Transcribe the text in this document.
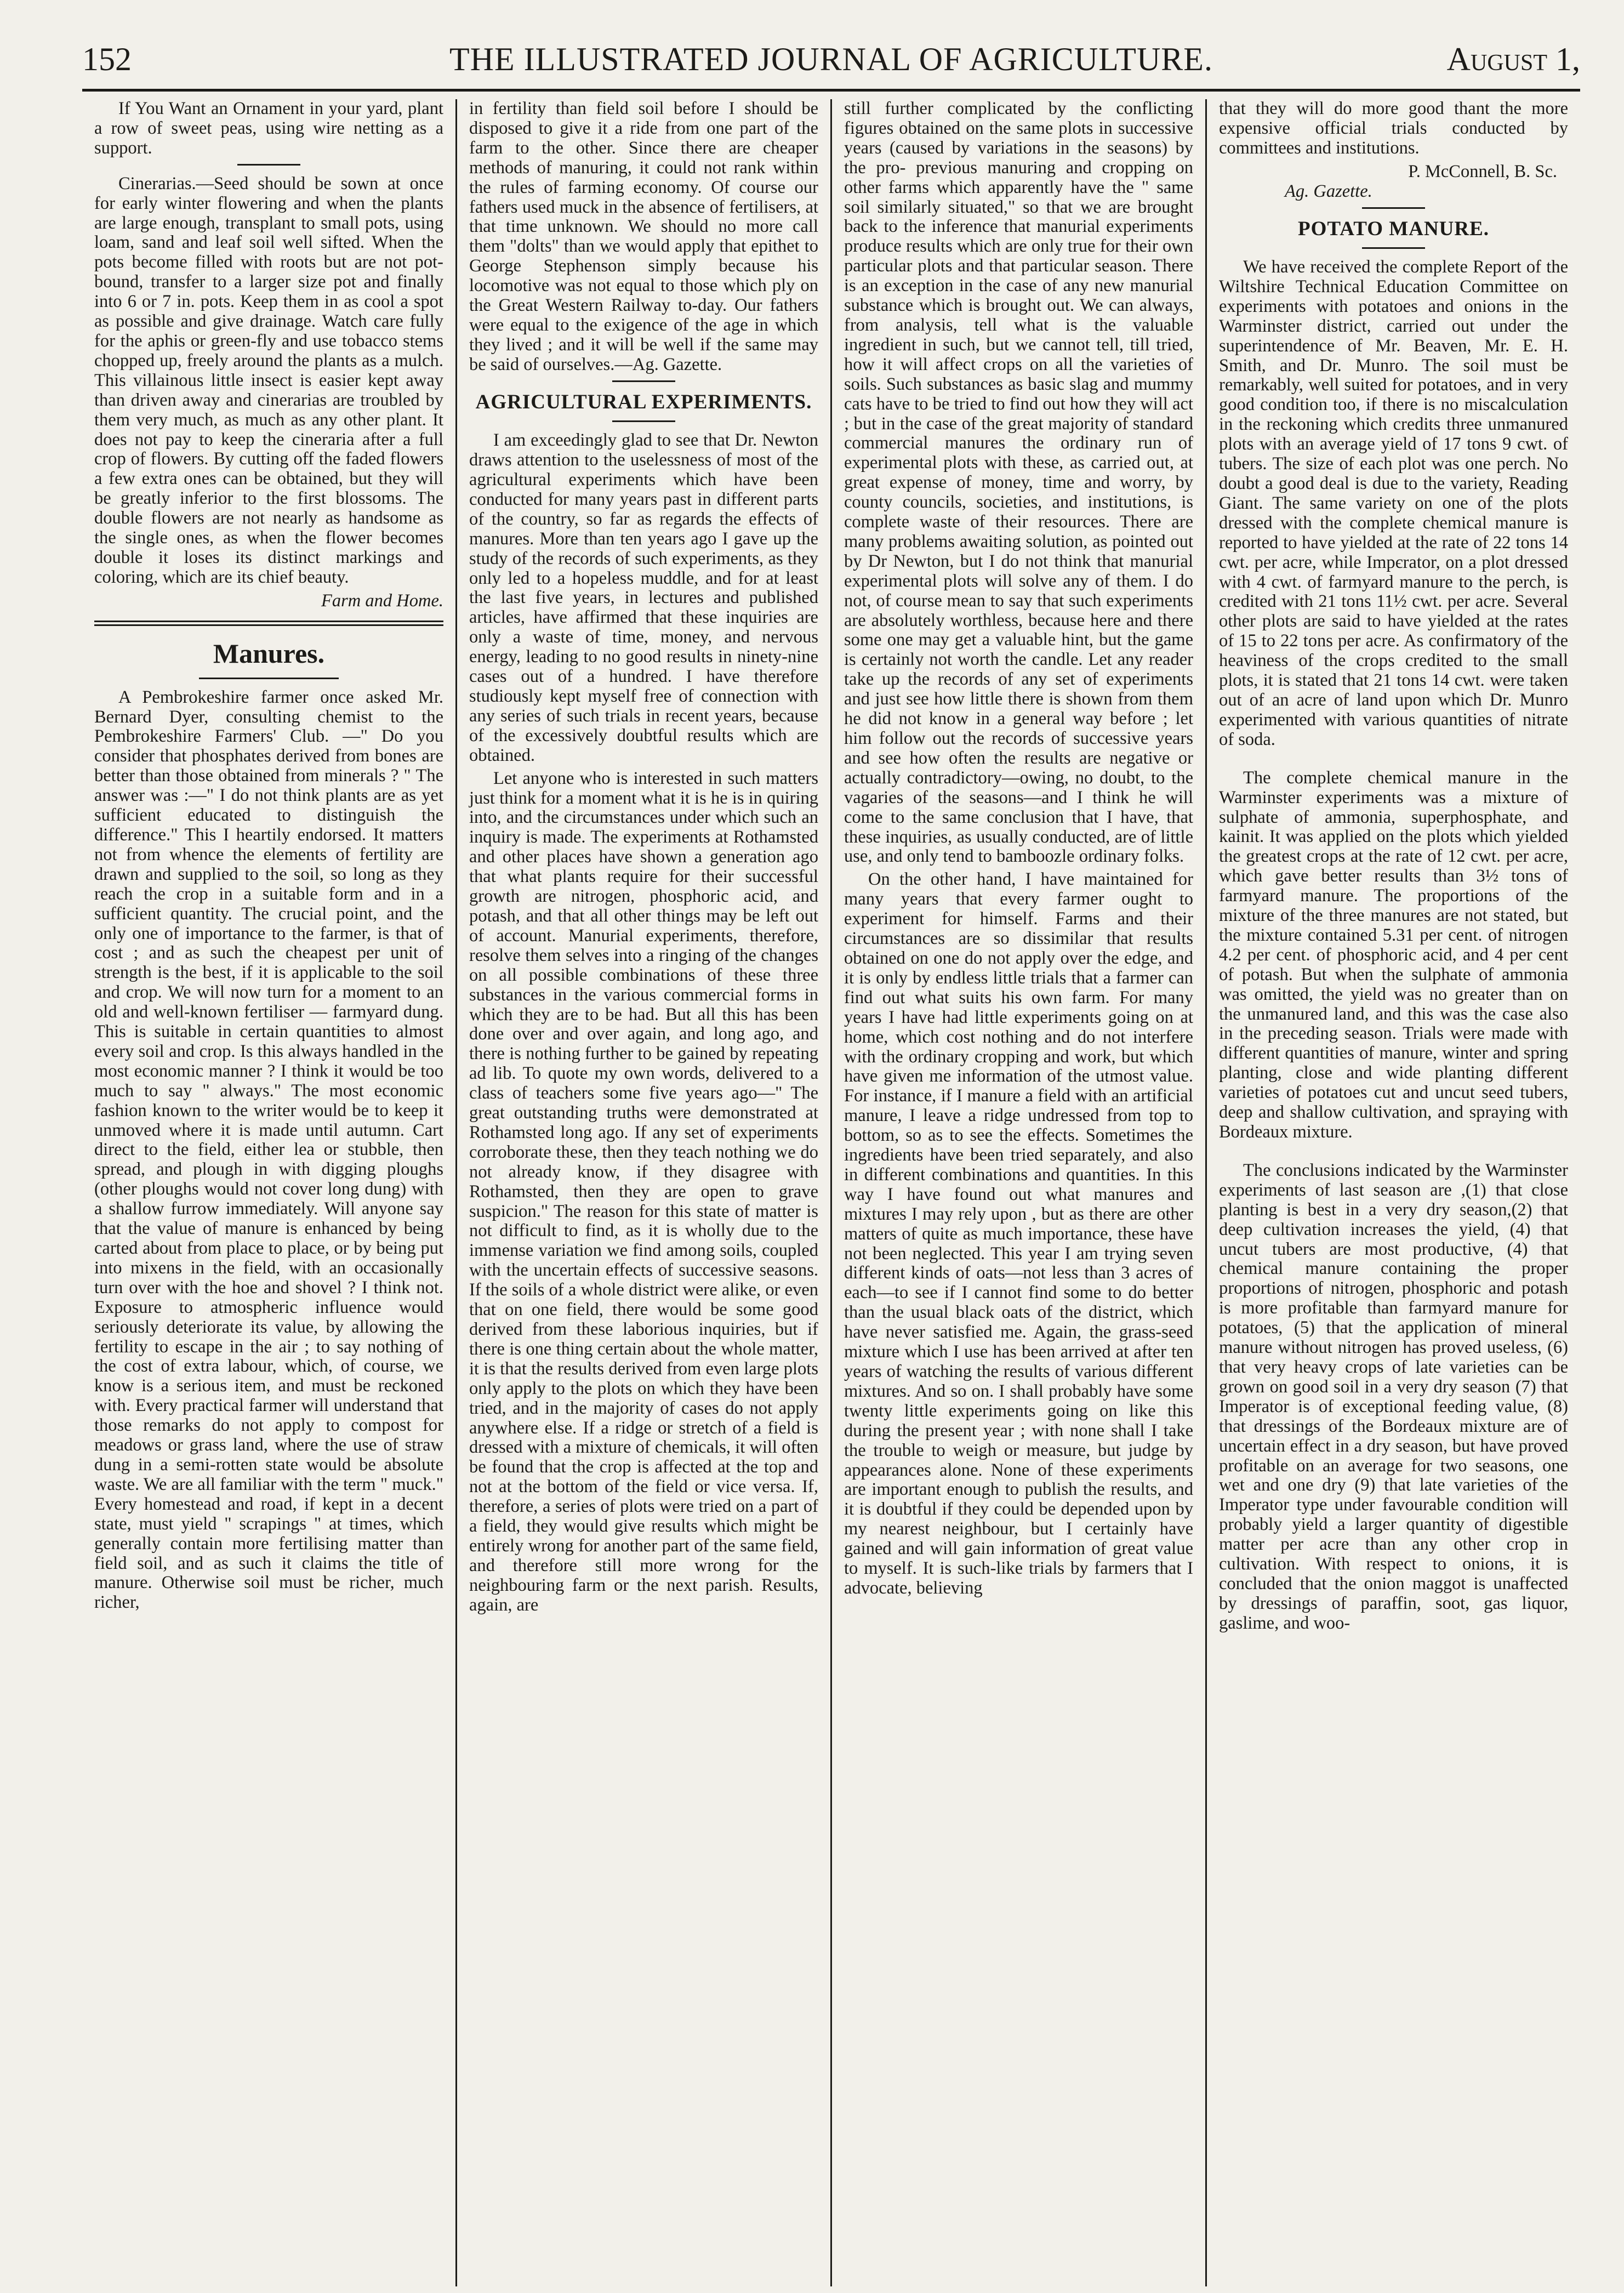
152	THE ILLUSTRATED JOURNAL OF AGRICULTURE.	August 1,

If You Want an Ornament in your yard, plant a row of sweet peas, using wire netting as a support.

Cinerarias.—Seed should be sown at once for early winter flowering and when the plants are large enough, transplant to small pots, using loam, sand and leaf soil well sifted. When the pots become filled with roots but are not pot-bound, transfer to a larger size pot and finally into 6 or 7 in. pots. Keep them in as cool a spot as possible and give drainage. Watch care fully for the aphis or green-fly and use tobacco stems chopped up, freely around the plants as a mulch. This villainous little insect is easier kept away than driven away and cinerarias are troubled by them very much, as much as any other plant. It does not pay to keep the cineraria after a full crop of flowers. By cutting off the faded flowers a few extra ones can be obtained, but they will be greatly inferior to the first blossoms. The double flowers are not nearly as handsome as the single ones, as when the flower becomes double it loses its distinct markings and coloring, which are its chief beauty.

Farm and Home.
Manures.

A Pembrokeshire farmer once asked Mr. Bernard Dyer, consulting chemist to the Pembrokeshire Farmers' Club. —" Do you consider that phosphates derived from bones are better than those obtained from minerals ? " The answer was :—" I do not think plants are as yet sufficient educated to distinguish the difference." This I heartily endorsed. It matters not from whence the elements of fertility are drawn and supplied to the soil, so long as they reach the crop in a suitable form and in a sufficient quantity. The crucial point, and the only one of importance to the farmer, is that of cost ; and as such the cheapest per unit of strength is the best, if it is applicable to the soil and crop. We will now turn for a moment to an old and well-known fertiliser — farmyard dung. This is suitable in certain quantities to almost every soil and crop. Is this always handled in the most economic manner ? I think it would be too much to say " always." The most economic fashion known to the writer would be to keep it unmoved where it is made until autumn. Cart direct to the field, either lea or stubble, then spread, and plough in with digging ploughs (other ploughs would not cover long dung) with a shallow furrow immediately. Will anyone say that the value of manure is enhanced by being carted about from place to place, or by being put into mixens in the field, with an occasionally turn over with the hoe and shovel ? I think not. Exposure to atmospheric influence would seriously deteriorate its value, by allowing the fertility to escape in the air ; to say nothing of the cost of extra labour, which, of course, we know is a serious item, and must be reckoned with. Every practical farmer will understand that those remarks do not apply to compost for meadows or grass land, where the use of straw dung in a semi-rotten state would be absolute waste. We are all familiar with the term " muck." Every homestead and road, if kept in a decent state, must yield " scrapings " at times, which generally contain more fertilising matter than field soil, and as such it claims the title of manure. Otherwise soil must be richer, much richer,

in fertility than field soil before I should be disposed to give it a ride from one part of the farm to the other. Since there are cheaper methods of manuring, it could not rank within the rules of farming economy. Of course our fathers used muck in the absence of fertilisers, at that time unknown. We should no more call them "dolts" than we would apply that epithet to George Stephenson simply because his locomotive was not equal to those which ply on the Great Western Railway to-day. Our fathers were equal to the exigence of the age in which they lived ; and it will be well if the same may be said of ourselves.—Ag. Gazette.

AGRICULTURAL EXPERIMENTS.

I am exceedingly glad to see that Dr. Newton draws attention to the uselessness of most of the agricultural experiments which have been conducted for many years past in different parts of the country, so far as regards the effects of manures. More than ten years ago I gave up the study of the records of such experiments, as they only led to a hopeless muddle, and for at least the last five years, in lectures and published articles, have affirmed that these inquiries are only a waste of time, money, and nervous energy, leading to no good results in ninety-nine cases out of a hundred. I have therefore studiously kept myself free of connection with any series of such trials in recent years, because of the excessively doubtful results which are obtained.

Let anyone who is interested in such matters just think for a moment what it is he is in quiring into, and the circumstances under which such an inquiry is made. The experiments at Rothamsted and other places have shown a generation ago that what plants require for their successful growth are nitrogen, phosphoric acid, and potash, and that all other things may be left out of account. Manurial experiments, therefore, resolve them selves into a ringing of the changes on all possible combinations of these three substances in the various commercial forms in which they are to be had. But all this has been done over and over again, and long ago, and there is nothing further to be gained by repeating ad lib. To quote my own words, delivered to a class of teachers some five years ago—" The great outstanding truths were demonstrated at Rothamsted long ago. If any set of experiments corroborate these, then they teach nothing we do not already know, if they disagree with Rothamsted, then they are open to grave suspicion." The reason for this state of matter is not difficult to find, as it is wholly due to the immense variation we find among soils, coupled with the uncertain effects of successive seasons. If the soils of a whole district were alike, or even that on one field, there would be some good derived from these laborious inquiries, but if there is one thing certain about the whole matter, it is that the results derived from even large plots only apply to the plots on which they have been tried, and in the majority of cases do not apply anywhere else. If a ridge or stretch of a field is dressed with a mixture of chemicals, it will often be found that the crop is affected at the top and not at the bottom of the field or vice versa. If, therefore, a series of plots were tried on a part of a field, they would give results which might be entirely wrong for another part of the same field, and therefore still more wrong for the neighbouring farm or the next parish. Results, again, are

still further complicated by the conflicting figures obtained on the same plots in successive years (caused by variations in the seasons) by the pro- previous manuring and cropping on other farms which apparently have the " same soil similarly situated," so that we are brought back to the inference that manurial experiments produce results which are only true for their own particular plots and that particular season. There is an exception in the case of any new manurial substance which is brought out. We can always, from analysis, tell what is the valuable ingredient in such, but we cannot tell, till tried, how it will affect crops on all the varieties of soils. Such substances as basic slag and mummy cats have to be tried to find out how they will act ; but in the case of the great majority of standard commercial manures the ordinary run of experimental plots with these, as carried out, at great expense of money, time and worry, by county councils, societies, and institutions, is complete waste of their resources. There are many problems awaiting solution, as pointed out by Dr Newton, but I do not think that manurial experimental plots will solve any of them. I do not, of course mean to say that such experiments are absolutely worthless, because here and there some one may get a valuable hint, but the game is certainly not worth the candle. Let any reader take up the records of any set of experiments and just see how little there is shown from them he did not know in a general way before ; let him follow out the records of successive years and see how often the results are negative or actually contradictory—owing, no doubt, to the vagaries of the seasons—and I think he will come to the same conclusion that I have, that these inquiries, as usually conducted, are of little use, and only tend to bamboozle ordinary folks.

On the other hand, I have maintained for many years that every farmer ought to experiment for himself. Farms and their circumstances are so dissimilar that results obtained on one do not apply over the edge, and it is only by endless little trials that a farmer can find out what suits his own farm. For many years I have had little experiments going on at home, which cost nothing and do not interfere with the ordinary cropping and work, but which have given me information of the utmost value. For instance, if I manure a field with an artificial manure, I leave a ridge undressed from top to bottom, so as to see the effects. Sometimes the ingredients have been tried separately, and also in different combinations and quantities. In this way I have found out what manures and mixtures I may rely upon , but as there are other matters of quite as much importance, these have not been neglected. This year I am trying seven different kinds of oats—not less than 3 acres of each—to see if I cannot find some to do better than the usual black oats of the district, which have never satisfied me. Again, the grass-seed mixture which I use has been arrived at after ten years of watching the results of various different mixtures. And so on. I shall probably have some twenty little experiments going on like this during the present year ; with none shall I take the trouble to weigh or measure, but judge by appearances alone. None of these experiments are important enough to publish the results, and it is doubtful if they could be depended upon by my nearest neighbour, but I certainly have gained and will gain information of great value to myself. It is such-like trials by farmers that I advocate, believing

that they will do more good thant the more expensive official trials conducted by committees and institutions.

P. McConnell, B. Sc.
Ag. Gazette.
POTATO MANURE.

We have received the complete Report of the Wiltshire Technical Education Committee on experiments with potatoes and onions in the Warminster district, carried out under the superintendence of Mr. Beaven, Mr. E. H. Smith, and Dr. Munro. The soil must be remarkably, well suited for potatoes, and in very good condition too, if there is no miscalculation in the reckoning which credits three unmanured plots with an average yield of 17 tons 9 cwt. of tubers. The size of each plot was one perch. No doubt a good deal is due to the variety, Reading Giant. The same variety on one of the plots dressed with the complete chemical manure is reported to have yielded at the rate of 22 tons 14 cwt. per acre, while Impєrator, on a plot dressed with 4 cwt. of farmyard manure to the perch, is credited with 21 tons 11½ cwt. per acre. Several other plots are said to have yielded at the rates of 15 to 22 tons per acre. As confirmatory of the heaviness of the crops credited to the small plots, it is stated that 21 tons 14 cwt. were taken out of an acre of land upon which Dr. Munro experimented with various quantities of nitrate of soda.

The complete chemical manure in the Warminster experiments was a mixture of sulphate of ammonia, superphosphate, and kainit. It was applied on the plots which yielded the greatest crops at the rate of 12 cwt. per acre, which gave better results than 3½ tons of farmyard manure. The proportions of the mixture of the three manures are not stated, but the mixture contained 5.31 per cent. of nitrogen 4.2 per cent. of phosphoric acid, and 4 per cent of potash. But when the sulphate of ammonia was omitted, the yield was no greater than on the unmanured land, and this was the case also in the preceding season. Trials were made with different quantities of manure, winter and spring planting, close and wide planting different varieties of potatoes cut and uncut seed tubers, deep and shallow cultivation, and spraying with Bordeaux mixture.

The conclusions indicated by the Warminster experiments of last season are ,(1) that close planting is best in a very dry season,(2) that deep cultivation increases the yield, (4) that uncut tubers are most productive, (4) that chemical manure containing the proper proportions of nitrogen, phosphoric and potash is more profitable than farmyard manure for potatoes, (5) that the application of mineral manure without nitrogen has proved useless, (6) that very heavy crops of late varieties can be grown on good soil in a very dry season (7) that Imperator is of exceptional feeding value, (8) that dressings of the Bordeaux mixture are of uncertain effect in a dry season, but have proved profitable on an average for two seasons, one wet and one dry (9) that late varieties of the Imperator type under favourable condition will probably yield a larger quantity of digestible matter per acre than any other crop in cultivation. With respect to onions, it is concluded that the onion maggot is unaffected by dressings of paraffin, soot, gas liquor, gaslime, and woo-
